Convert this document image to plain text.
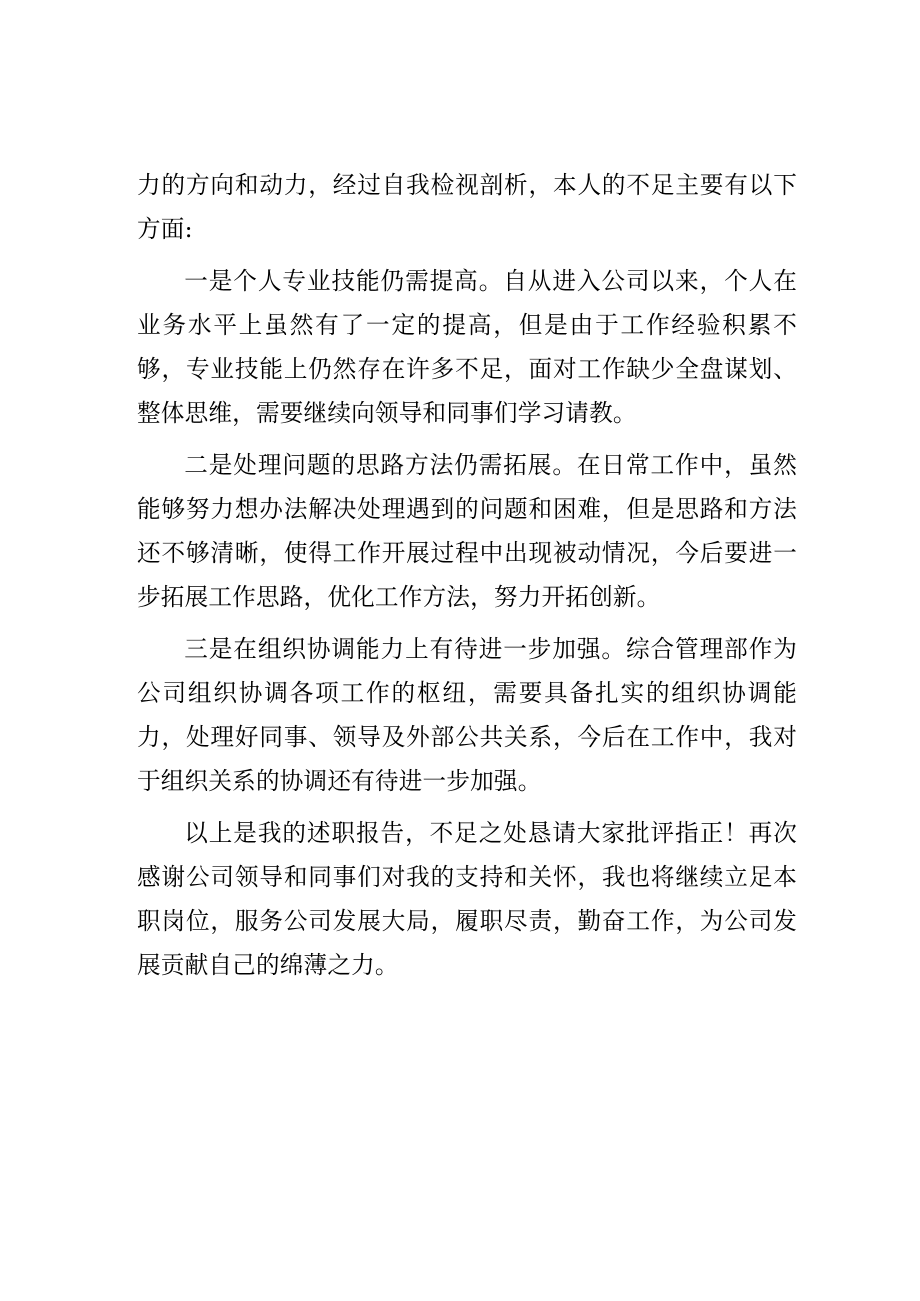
力的方向和动力，经过自我检视剖析，本人的不足主要有以下方面:

一是个人专业技能仍需提高。自从进入公司以来，个人在业务水平上虽然有了一定的提高，但是由于工作经验积累不够，专业技能上仍然存在许多不足，面对工作缺少全盘谋划、整体思维，需要继续向领导和同事们学习请教。

二是处理问题的思路方法仍需拓展。在日常工作中，虽然能够努力想办法解决处理遇到的问题和困难，但是思路和方法还不够清晰，使得工作开展过程中出现被动情况，今后要进一步拓展工作思路，优化工作方法，努力开拓创新。

三是在组织协调能力上有待进一步加强。综合管理部作为公司组织协调各项工作的枢纽，需要具备扎实的组织协调能力，处理好同事、领导及外部公共关系，今后在工作中，我对于组织关系的协调还有待进一步加强。

以上是我的述职报告，不足之处恳请大家批评指正！再次感谢公司领导和同事们对我的支持和关怀，我也将继续立足本职岗位，服务公司发展大局，履职尽责，勤奋工作，为公司发展贡献自己的绵薄之力。
